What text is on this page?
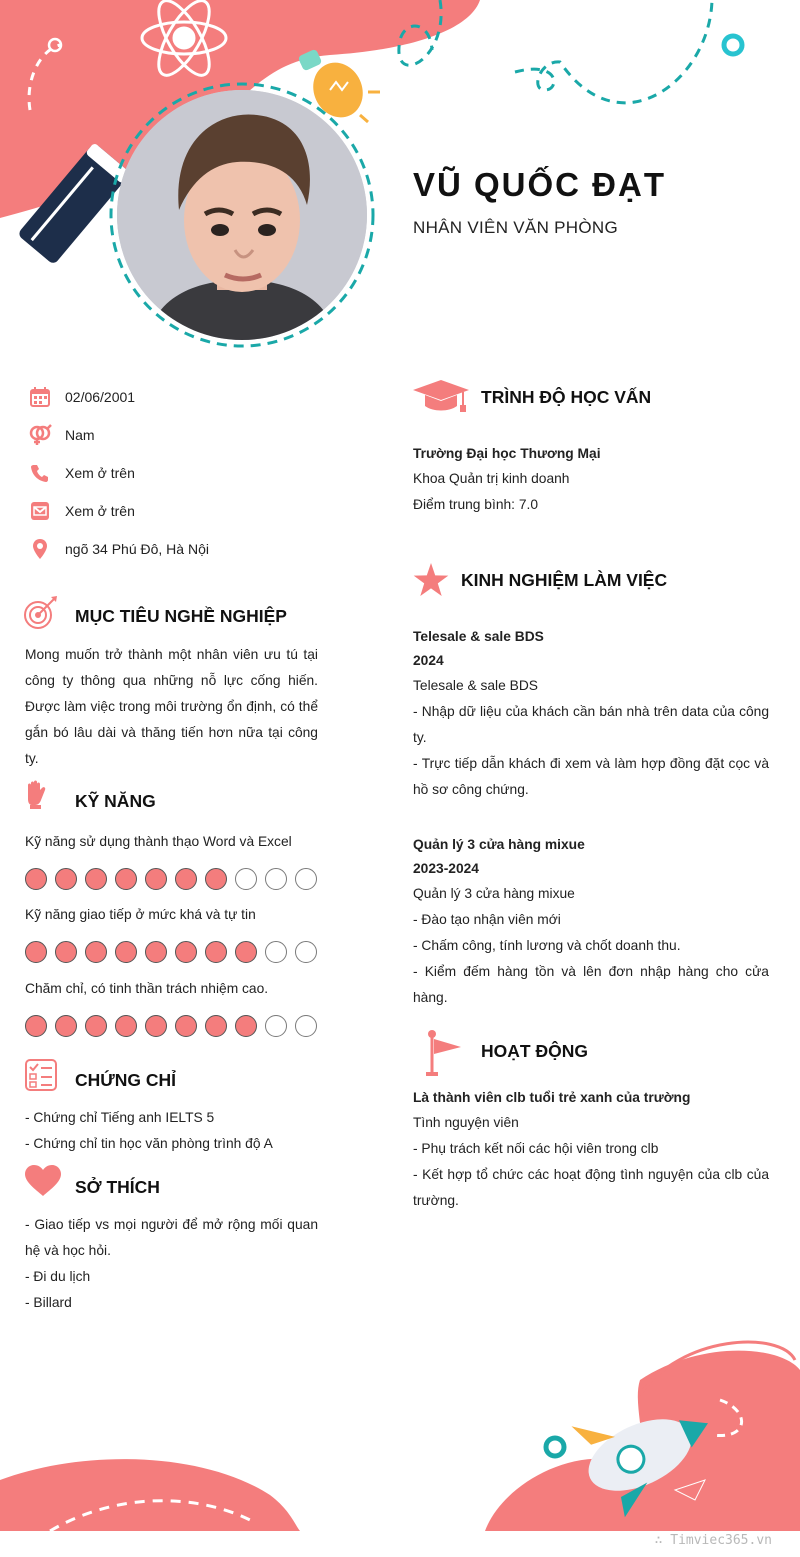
VŨ QUỐC ĐẠT
NHÂN VIÊN VĂN PHÒNG
02/06/2001
Nam
Xem ở trên
Xem ở trên
ngõ 34 Phú Đô, Hà Nội
MỤC TIÊU NGHỀ NGHIỆP
Mong muốn trở thành một nhân viên ưu tú tại công ty thông qua những nỗ lực cống hiến. Được làm việc trong môi trường ổn định, có thể gắn bó lâu dài và thăng tiến hơn nữa tại công ty.
KỸ NĂNG
Kỹ năng sử dụng thành thạo Word và Excel
Kỹ năng giao tiếp ở mức khá và tự tin
Chăm chỉ, có tinh thần trách nhiệm cao.
CHỨNG CHỈ
- Chứng chỉ Tiếng anh IELTS 5
- Chứng chỉ tin học văn phòng trình độ A
SỞ THÍCH
- Giao tiếp vs mọi người để mở rộng mối quan hệ và học hỏi.
- Đi du lịch
- Billard
TRÌNH ĐỘ HỌC VẤN
Trường Đại học Thương Mại
Khoa Quản trị kinh doanh
Điểm trung bình: 7.0
KINH NGHIỆM LÀM VIỆC
Telesale & sale BDS
2024
Telesale & sale BDS
- Nhập dữ liệu của khách cần bán nhà trên data của công ty.
- Trực tiếp dẫn khách đi xem và làm hợp đồng đặt cọc và hồ sơ công chứng.
Quản lý 3 cửa hàng mixue
2023-2024
Quản lý 3 cửa hàng mixue
- Đào tạo nhận viên mới
- Chấm công, tính lương và chốt doanh thu.
- Kiểm đếm hàng tồn và lên đơn nhập hàng cho cửa hàng.
HOẠT ĐỘNG
Là thành viên clb tuổi trẻ xanh của trường
Tình nguyện viên
- Phụ trách kết nối các hội viên trong clb
- Kết hợp tổ chức các hoạt động tình nguyện của clb của trường.
∴ Timviec365.vn
